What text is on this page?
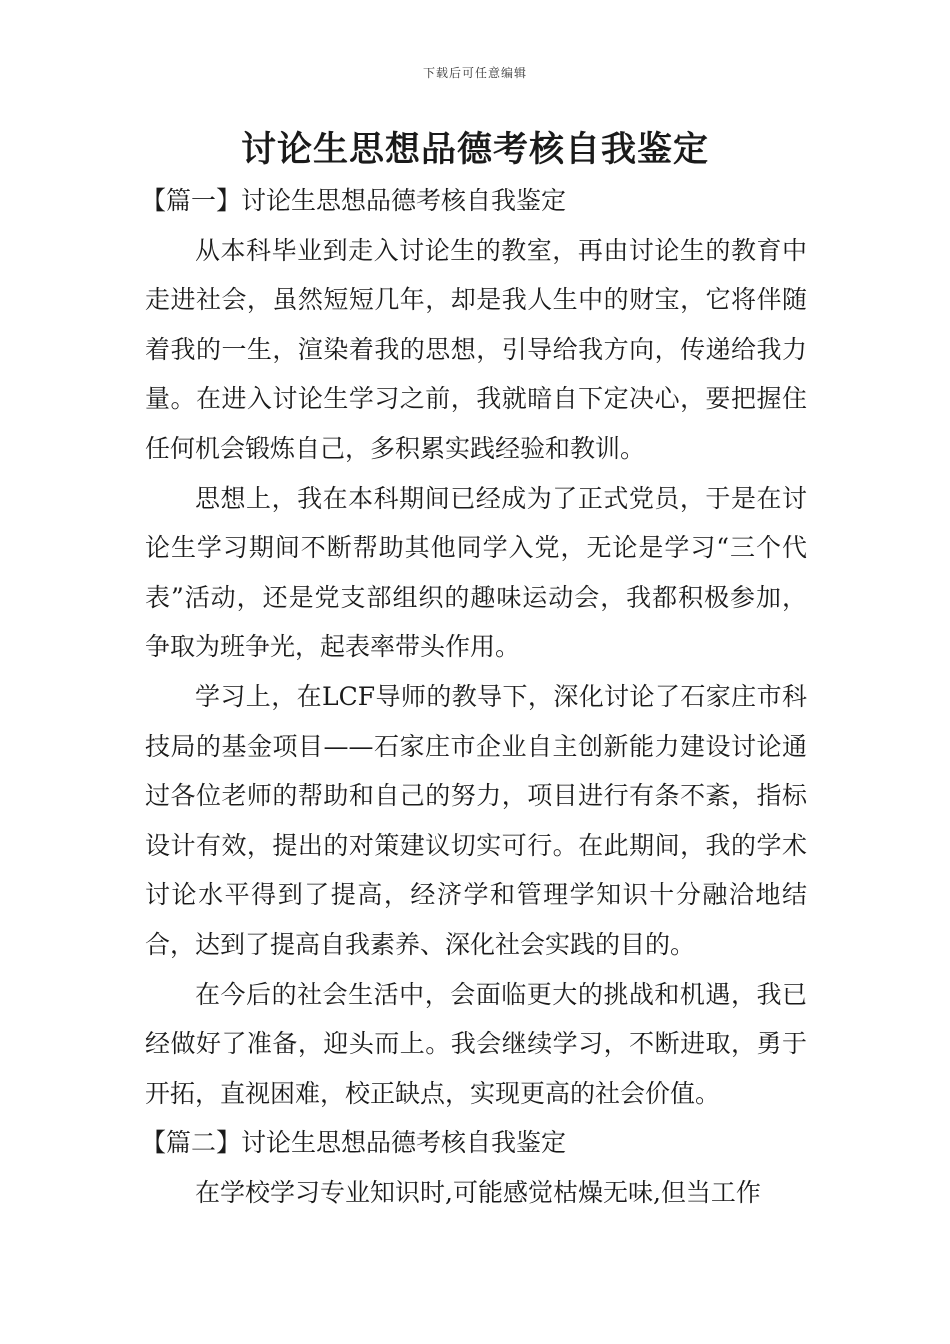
下载后可任意编辑
讨论生思想品德考核自我鉴定
【篇一】讨论生思想品德考核自我鉴定

从本科毕业到走入讨论生的教室，再由讨论生的教育中走进社会，虽然短短几年，却是我人生中的财宝，它将伴随着我的一生，渲染着我的思想，引导给我方向，传递给我力量。在进入讨论生学习之前，我就暗自下定决心，要把握住任何机会锻炼自己，多积累实践经验和教训。

思想上，我在本科期间已经成为了正式党员，于是在讨论生学习期间不断帮助其他同学入党，无论是学习“三个代表”活动，还是党支部组织的趣味运动会，我都积极参加，争取为班争光，起表率带头作用。

学习上，在LCF导师的教导下，深化讨论了石家庄市科技局的基金项目——石家庄市企业自主创新能力建设讨论通过各位老师的帮助和自己的努力，项目进行有条不紊，指标设计有效，提出的对策建议切实可行。在此期间，我的学术讨论水平得到了提高，经济学和管理学知识十分融洽地结合，达到了提高自我素养、深化社会实践的目的。

在今后的社会生活中，会面临更大的挑战和机遇，我已经做好了准备，迎头而上。我会继续学习，不断进取，勇于开拓，直视困难，校正缺点，实现更高的社会价值。

【篇二】讨论生思想品德考核自我鉴定

在学校学习专业知识时,可能感觉枯燥无味,但当工作
